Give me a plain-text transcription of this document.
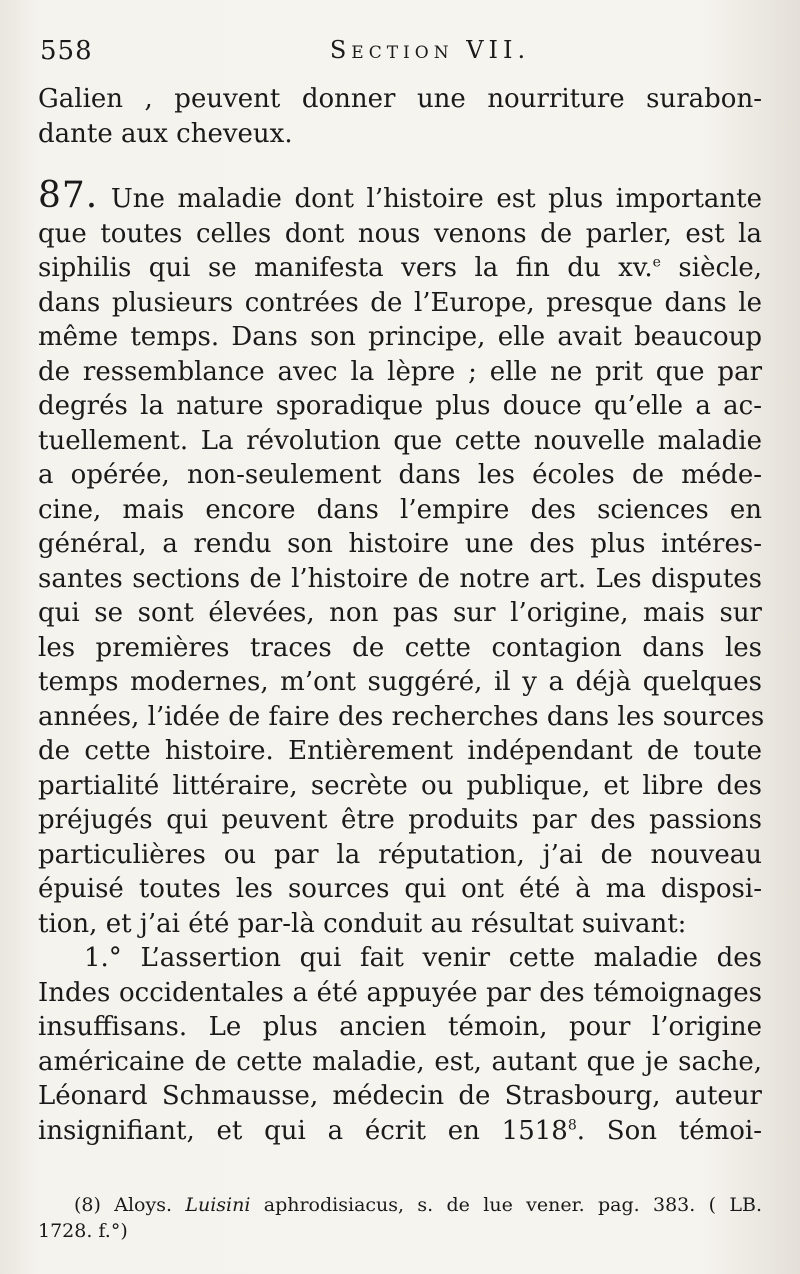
558	Section VII.
Galien , peuvent donner une nourriture surabon-
dante aux cheveux.
87. Une maladie dont l’histoire est plus importante
que toutes celles dont nous venons de parler, est la
siphilis qui se manifesta vers la fin du xv.$^e$ siècle,
dans plusieurs contrées de l’Europe, presque dans le
même temps. Dans son principe, elle avait beaucoup
de ressemblance avec la lèpre ; elle ne prit que par
degrés la nature sporadique plus douce qu’elle a ac-
tuellement. La révolution que cette nouvelle maladie
a opérée, non-seulement dans les écoles de méde-
cine, mais encore dans l’empire des sciences en
général, a rendu son histoire une des plus intéres-
santes sections de l’histoire de notre art. Les disputes
qui se sont élevées, non pas sur l’origine, mais sur
les premières traces de cette contagion dans les
temps modernes, m’ont suggéré, il y a déjà quelques
années, l’idée de faire des recherches dans les sources
de cette histoire. Entièrement indépendant de toute
partialité littéraire, secrète ou publique, et libre des
préjugés qui peuvent être produits par des passions
particulières ou par la réputation, j’ai de nouveau
épuisé toutes les sources qui ont été à ma disposi-
tion, et j’ai été par-là conduit au résultat suivant:
1.° L’assertion qui fait venir cette maladie des
Indes occidentales a été appuyée par des témoignages
insuffisans. Le plus ancien témoin, pour l’origine
américaine de cette maladie, est, autant que je sache,
Léonard Schmausse, médecin de Strasbourg, auteur
insignifiant, et qui a écrit en 1518$^8$. Son témoi-
(8) Aloys. Luisini aphrodisiacus, s. de lue vener. pag. 383. ( LB.
1728. f.°)
